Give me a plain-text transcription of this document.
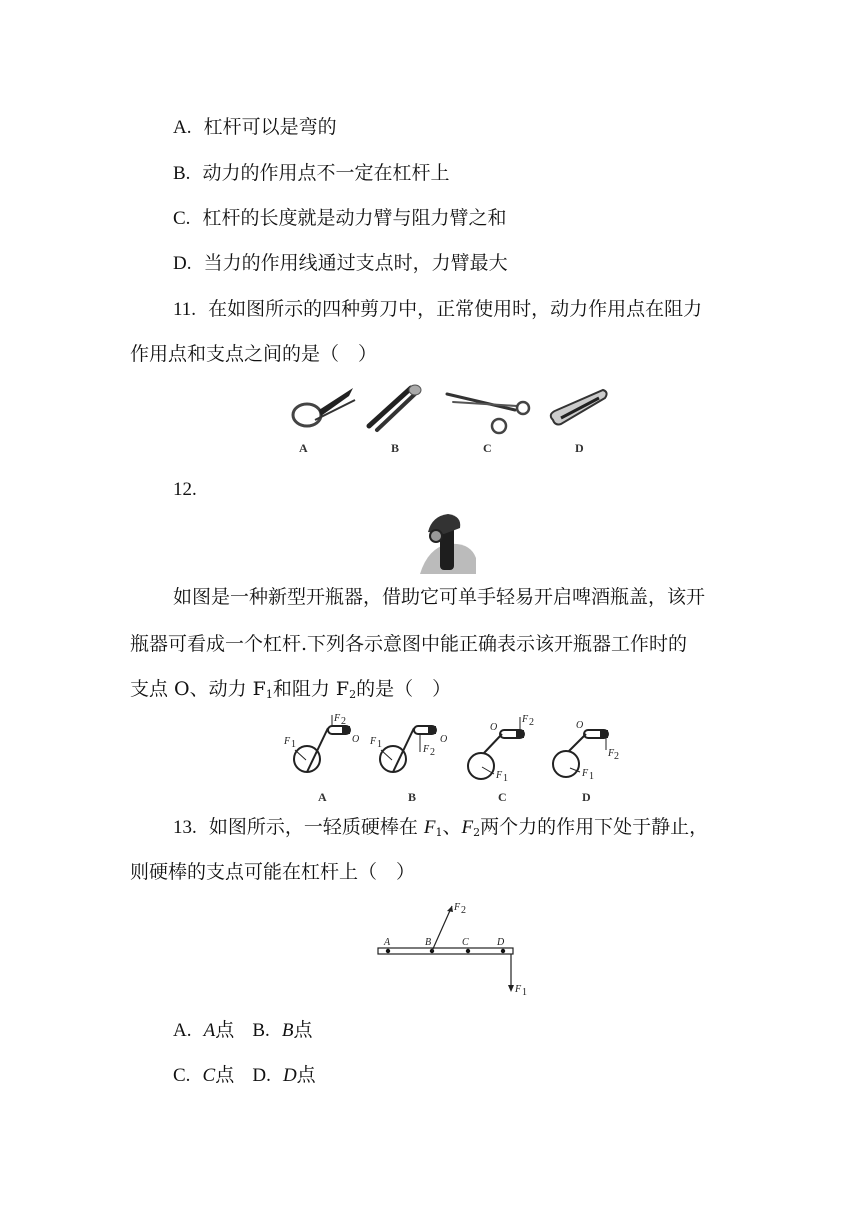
A. 杠杆可以是弯的
B. 动力的作用点不一定在杠杆上
C. 杠杆的长度就是动力臂与阻力臂之和
D. 当力的作用线通过支点时，力臂最大
11. 在如图所示的四种剪刀中，正常使用时，动力作用点在阻力
作用点和支点之间的是（　）
A	B	C	D
12.
如图是一种新型开瓶器，借助它可单手轻易开启啤酒瓶盖，该开
瓶器可看成一个杠杆.下列各示意图中能正确表示该开瓶器工作时的
支点 O、动力 $F_1$和阻力 $F_2$的是（　）
F 2
O
F 1
A
F 2
O
F 1
B
F 2
O
F 1
C
F 2
O
F 1
D
13. 如图所示，一轻质硬棒在 $F_1$、$F_2$两个力的作用下处于静止，
则硬棒的支点可能在杠杆上（　）
A	B	C	D
F 2
F 1
A. A点 B. B点
C. C点 D. D点
